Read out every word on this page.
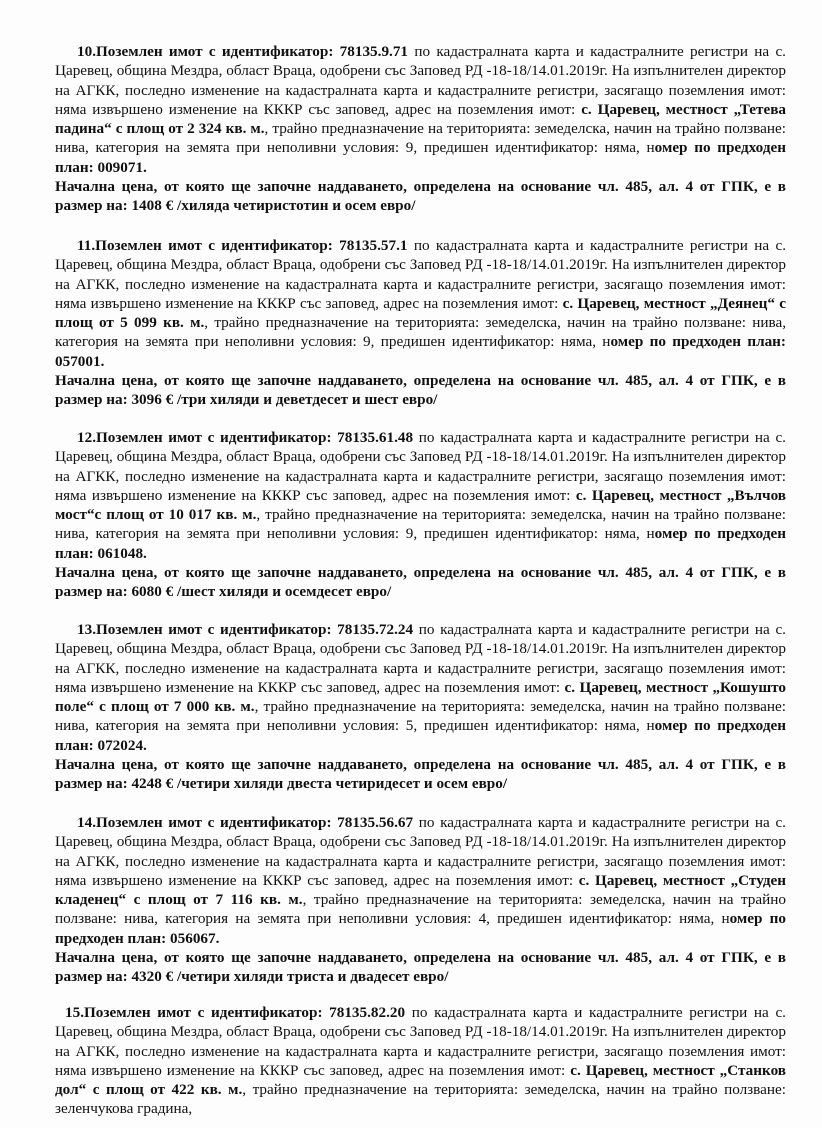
10.Поземлен имот с идентификатор: 78135.9.71 по кадастралната карта и кадастралните регистри на с. Царевец, община Мездра, област Враца, одобрени със Заповед РД -18-18/14.01.2019г. На изпълнителен директор на АГКК, последно изменение на кадастралната карта и кадастралните регистри, засягащо поземления имот: няма извършено изменение на КККР със заповед, адрес на поземления имот: с. Царевец, местност „Тетева падина“ с площ от 2 324 кв. м., трайно предназначение на територията: земеделска, начин на трайно ползване: нива, категория на земята при неполивни условия: 9, предишен идентификатор: няма, номер по предходен план: 009071.

Начална цена, от която ще започне наддаването, определена на основание чл. 485, ал. 4 от ГПК, е в размер на: 1408 € /хиляда четиристотин и осем евро/

11.Поземлен имот с идентификатор: 78135.57.1 по кадастралната карта и кадастралните регистри на с. Царевец, община Мездра, област Враца, одобрени със Заповед РД -18-18/14.01.2019г. На изпълнителен директор на АГКК, последно изменение на кадастралната карта и кадастралните регистри, засягащо поземления имот: няма извършено изменение на КККР със заповед, адрес на поземления имот: с. Царевец, местност „Деянец“ с площ от 5 099 кв. м., трайно предназначение на територията: земеделска, начин на трайно ползване: нива, категория на земята при неполивни условия: 9, предишен идентификатор: няма, номер по предходен план: 057001.

Начална цена, от която ще започне наддаването, определена на основание чл. 485, ал. 4 от ГПК, е в размер на: 3096 € /три хиляди и деветдесет и шест евро/

12.Поземлен имот с идентификатор: 78135.61.48 по кадастралната карта и кадастралните регистри на с. Царевец, община Мездра, област Враца, одобрени със Заповед РД -18-18/14.01.2019г. На изпълнителен директор на АГКК, последно изменение на кадастралната карта и кадастралните регистри, засягащо поземления имот: няма извършено изменение на КККР със заповед, адрес на поземления имот: с. Царевец, местност „Вълчов мост“с площ от 10 017 кв. м., трайно предназначение на територията: земеделска, начин на трайно ползване: нива, категория на земята при неполивни условия: 9, предишен идентификатор: няма, номер по предходен план: 061048.

Начална цена, от която ще започне наддаването, определена на основание чл. 485, ал. 4 от ГПК, е в размер на: 6080 € /шест хиляди и осемдесет евро/

13.Поземлен имот с идентификатор: 78135.72.24 по кадастралната карта и кадастралните регистри на с. Царевец, община Мездра, област Враца, одобрени със Заповед РД -18-18/14.01.2019г. На изпълнителен директор на АГКК, последно изменение на кадастралната карта и кадастралните регистри, засягащо поземления имот: няма извършено изменение на КККР със заповед, адрес на поземления имот: с. Царевец, местност „Кошушто поле“ с площ от 7 000 кв. м., трайно предназначение на територията: земеделска, начин на трайно ползване: нива, категория на земята при неполивни условия: 5, предишен идентификатор: няма, номер по предходен план: 072024.

Начална цена, от която ще започне наддаването, определена на основание чл. 485, ал. 4 от ГПК, е в размер на: 4248 € /четири хиляди двеста четиридесет и осем евро/

14.Поземлен имот с идентификатор: 78135.56.67 по кадастралната карта и кадастралните регистри на с. Царевец, община Мездра, област Враца, одобрени със Заповед РД -18-18/14.01.2019г. На изпълнителен директор на АГКК, последно изменение на кадастралната карта и кадастралните регистри, засягащо поземления имот: няма извършено изменение на КККР със заповед, адрес на поземления имот: с. Царевец, местност „Студен кладенец“ с площ от 7 116 кв. м., трайно предназначение на територията: земеделска, начин на трайно ползване: нива, категория на земята при неполивни условия: 4, предишен идентификатор: няма, номер по предходен план: 056067.

Начална цена, от която ще започне наддаването, определена на основание чл. 485, ал. 4 от ГПК, е в размер на: 4320 € /четири хиляди триста и двадесет евро/

15.Поземлен имот с идентификатор: 78135.82.20 по кадастралната карта и кадастралните регистри на с. Царевец, община Мездра, област Враца, одобрени със Заповед РД -18-18/14.01.2019г. На изпълнителен директор на АГКК, последно изменение на кадастралната карта и кадастралните регистри, засягащо поземления имот: няма извършено изменение на КККР със заповед, адрес на поземления имот: с. Царевец, местност „Станков дол“ с площ от 422 кв. м., трайно предназначение на територията: земеделска, начин на трайно ползване: зеленчукова градина,
